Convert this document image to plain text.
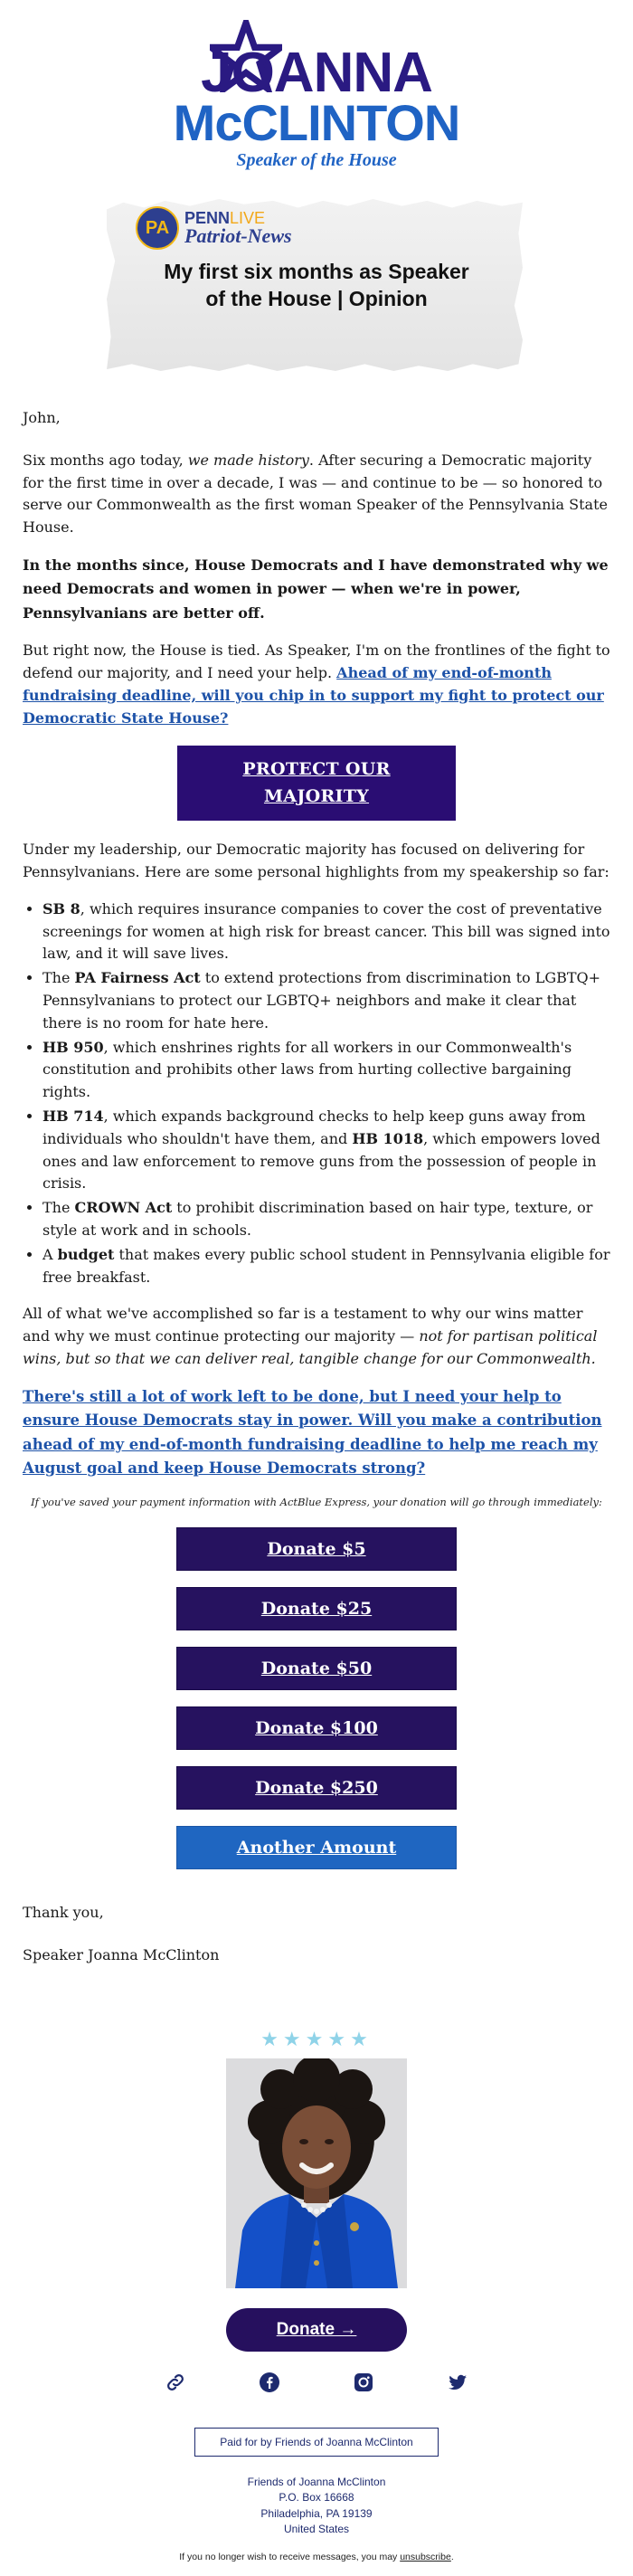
JOANNA
McCLINTON
Speaker of the House
PA PENNLIVE
Patriot-News
My first six months as Speaker
of the House | Opinion

John,

Six months ago today, we made history. After securing a Democratic majority for the first time in over a decade, I was — and continue to be — so honored to serve our Commonwealth as the first woman Speaker of the Pennsylvania State House.

In the months since, House Democrats and I have demonstrated why we need Democrats and women in power — when we're in power, Pennsylvanians are better off.

But right now, the House is tied. As Speaker, I'm on the frontlines of the fight to defend our majority, and I need your help. Ahead of my end-of-month fundraising deadline, will you chip in to support my fight to protect our Democratic State House?

PROTECT OUR MAJORITY

Under my leadership, our Democratic majority has focused on delivering for Pennsylvanians. Here are some personal highlights from my speakership so far:

• SB 8, which requires insurance companies to cover the cost of preventative screenings for women at high risk for breast cancer. This bill was signed into law, and it will save lives.
• The PA Fairness Act to extend protections from discrimination to LGBTQ+ Pennsylvanians to protect our LGBTQ+ neighbors and make it clear that there is no room for hate here.
• HB 950, which enshrines rights for all workers in our Commonwealth's constitution and prohibits other laws from hurting collective bargaining rights.
• HB 714, which expands background checks to help keep guns away from individuals who shouldn't have them, and HB 1018, which empowers loved ones and law enforcement to remove guns from the possession of people in crisis.
• The CROWN Act to prohibit discrimination based on hair type, texture, or style at work and in schools.
• A budget that makes every public school student in Pennsylvania eligible for free breakfast.

All of what we've accomplished so far is a testament to why our wins matter and why we must continue protecting our majority — not for partisan political wins, but so that we can deliver real, tangible change for our Commonwealth.

There's still a lot of work left to be done, but I need your help to ensure House Democrats stay in power. Will you make a contribution ahead of my end-of-month fundraising deadline to help me reach my August goal and keep House Democrats strong?

If you've saved your payment information with ActBlue Express, your donation will go through immediately:
Donate $5
Donate $25
Donate $50
Donate $100
Donate $250
Another Amount

Thank you,

Speaker Joanna McClinton

★★★★★
Donate →
Paid for by Friends of Joanna McClinton
Friends of Joanna McClinton
P.O. Box 16668
Philadelphia, PA 19139
United States
If you no longer wish to receive messages, you may unsubscribe.
